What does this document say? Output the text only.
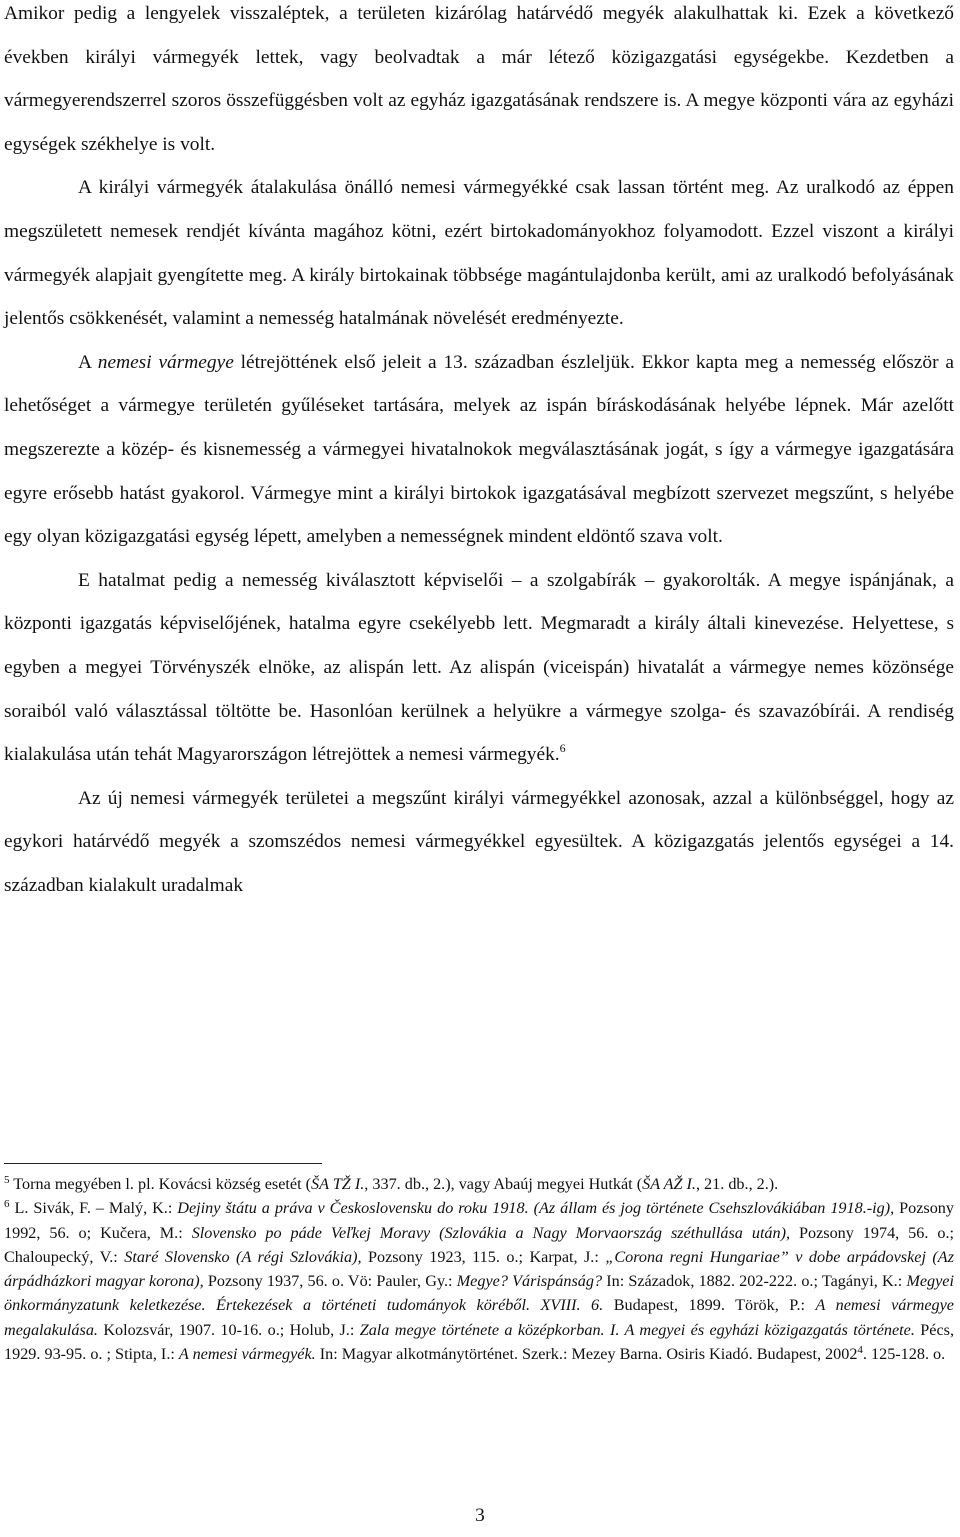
Amikor pedig a lengyelek visszaléptek, a területen kizárólag határvédő megyék alakulhattak ki. Ezek a következő években királyi vármegyék lettek, vagy beolvadtak a már létező közigazgatási egységekbe. Kezdetben a vármegyerendszerrel szoros összefüggésben volt az egyház igazgatásának rendszere is. A megye központi vára az egyházi egységek székhelye is volt.

A királyi vármegyék átalakulása önálló nemesi vármegyékké csak lassan történt meg. Az uralkodó az éppen megszületett nemesek rendjét kívánta magához kötni, ezért birtokadományokhoz folyamodott. Ezzel viszont a királyi vármegyék alapjait gyengítette meg. A király birtokainak többsége magántulajdonba került, ami az uralkodó befolyásának jelentős csökkenését, valamint a nemesség hatalmának növelését eredményezte.

A nemesi vármegye létrejöttének első jeleit a 13. században észleljük. Ekkor kapta meg a nemesség először a lehetőséget a vármegye területén gyűléseket tartására, melyek az ispán bíráskodásának helyébe lépnek. Már azelőtt megszerezte a közép- és kisnemesség a vármegyei hivatalnokok megválasztásának jogát, s így a vármegye igazgatására egyre erősebb hatást gyakorol. Vármegye mint a királyi birtokok igazgatásával megbízott szervezet megszűnt, s helyébe egy olyan közigazgatási egység lépett, amelyben a nemességnek mindent eldöntő szava volt.

E hatalmat pedig a nemesség kiválasztott képviselői – a szolgabírák – gyakorolták. A megye ispánjának, a központi igazgatás képviselőjének, hatalma egyre csekélyebb lett. Megmaradt a király általi kinevezése. Helyettese, s egyben a megyei Törvényszék elnöke, az alispán lett. Az alispán (viceispán) hivatalát a vármegye nemes közönsége soraiból való választással töltötte be. Hasonlóan kerülnek a helyükre a vármegye szolga- és szavazóbírái. A rendiség kialakulása után tehát Magyarországon létrejöttek a nemesi vármegyék.$^6$

Az új nemesi vármegyék területei a megszűnt királyi vármegyékkel azonosak, azzal a különbséggel, hogy az egykori határvédő megyék a szomszédos nemesi vármegyékkel egyesültek. A közigazgatás jelentős egységei a 14. században kialakult uradalmak

$^5$ Torna megyében l. pl. Kovácsi község esetét (ŠA TŽ I., 337. db., 2.), vagy Abaúj megyei Hutkát (ŠA AŽ I., 21. db., 2.).

$^6$ L. Sivák, F. – Malý, K.: Dejiny štátu a práva v Československu do roku 1918. (Az állam és jog története Csehszlovákiában 1918.-ig), Pozsony 1992, 56. o; Kučera, M.: Slovensko po páde Veľkej Moravy (Szlovákia a Nagy Morvaország széthullása után), Pozsony 1974, 56. o.; Chaloupecký, V.: Staré Slovensko (A régi Szlovákia), Pozsony 1923, 115. o.; Karpat, J.: „Corona regni Hungariae” v dobe arpádovskej (Az árpádházkori magyar korona), Pozsony 1937, 56. o. Vö: Pauler, Gy.: Megye? Várispánság? In: Századok, 1882. 202-222. o.; Tagányi, K.: Megyei önkormányzatunk keletkezése. Értekezések a történeti tudományok köréből. XVIII. 6. Budapest, 1899. Török, P.: A nemesi vármegye megalakulása. Kolozsvár, 1907. 10-16. o.; Holub, J.: Zala megye története a középkorban. I. A megyei és egyházi közigazgatás története. Pécs, 1929. 93-95. o. ; Stipta, I.: A nemesi vármegyék. In: Magyar alkotmánytörténet. Szerk.: Mezey Barna. Osiris Kiadó. Budapest, 2002$^4$. 125-128. o.

3
